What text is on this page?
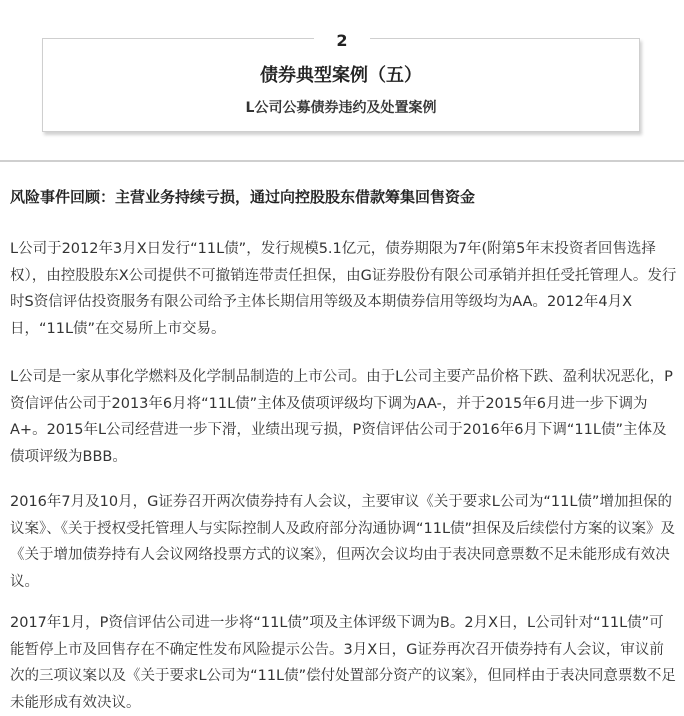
债券典型案例（五）
L公司公募债券违约及处置案例
2
风险事件回顾：主营业务持续亏损，通过向控股股东借款筹集回售资金

L公司于2012年3月X日发行“11L债”，发行规模5.1亿元，债券期限为7年(附第5年末投资者回售选择权），由控股股东X公司提供不可撤销连带责任担保，由G证券股份有限公司承销并担任受托管理人。发行时S资信评估投资服务有限公司给予主体长期信用等级及本期债券信用等级均为AA。2012年4月X日，“11L债”在交易所上市交易。

L公司是一家从事化学燃料及化学制品制造的上市公司。由于L公司主要产品价格下跌、盈利状况恶化，P资信评估公司于2013年6月将“11L债”主体及债项评级均下调为AA-，并于2015年6月进一步下调为A+。2015年L公司经营进一步下滑，业绩出现亏损，P资信评估公司于2016年6月下调“11L债”主体及债项评级为BBB。

2016年7月及10月，G证券召开两次债券持有人会议，主要审议《关于要求L公司为“11L债”增加担保的议案》、《关于授权受托管理人与实际控制人及政府部分沟通协调“11L债”担保及后续偿付方案的议案》及《关于增加债券持有人会议网络投票方式的议案》，但两次会议均由于表决同意票数不足未能形成有效决议。

2017年1月，P资信评估公司进一步将“11L债”项及主体评级下调为B。2月X日，L公司针对“11L债”可能暂停上市及回售存在不确定性发布风险提示公告。3月X日，G证券再次召开债券持有人会议，审议前次的三项议案以及《关于要求L公司为“11L债”偿付处置部分资产的议案》，但同样由于表决同意票数不足未能形成有效决议。
